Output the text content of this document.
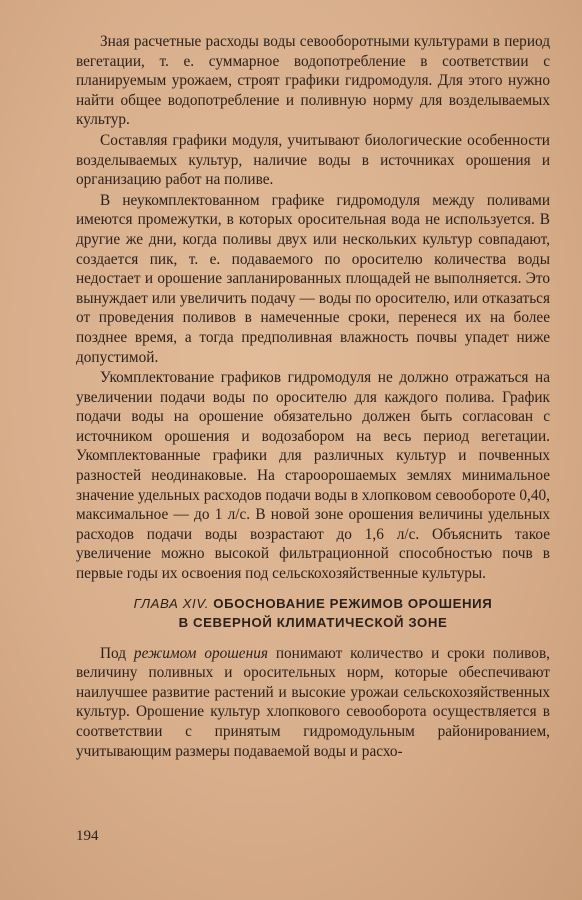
Зная расчетные расходы воды севооборотными культурами в период вегетации, т. е. суммарное водопотребление в соответствии с планируемым урожаем, строят графики гидромодуля. Для этого нужно найти общее водопотребление и поливную норму для возделываемых культур.

Составляя графики модуля, учитывают биологические особенности возделываемых культур, наличие воды в источниках орошения и организацию работ на поливе.

В неукомплектованном графике гидромодуля между поливами имеются промежутки, в которых оросительная вода не используется. В другие же дни, когда поливы двух или нескольких культур совпадают, создается пик, т. е. подаваемого по оросителю количества воды недостает и орошение запланированных площадей не выполняется. Это вынуждает или увеличить подачу — воды по оросителю, или отказаться от проведения поливов в намеченные сроки, перенеся их на более позднее время, а тогда предполивная влажность почвы упадет ниже допустимой.

Укомплектование графиков гидромодуля не должно отражаться на увеличении подачи воды по оросителю для каждого полива. График подачи воды на орошение обязательно должен быть согласован с источником орошения и водозабором на весь период вегетации. Укомплектованные графики для различных культур и почвенных разностей неодинаковые. На староорошаемых землях минимальное значение удельных расходов подачи воды в хлопковом севообороте 0,40, максимальное — до 1 л/с. В новой зоне орошения величины удельных расходов подачи воды возрастают до 1,6 л/с. Объяснить такое увеличение можно высокой фильтрационной способностью почв в первые годы их освоения под сельскохозяйственные культуры.

ГЛАВА XIV. ОБОСНОВАНИЕ РЕЖИМОВ ОРОШЕНИЯ
В СЕВЕРНОЙ КЛИМАТИЧЕСКОЙ ЗОНЕ

Под режимом орошения понимают количество и сроки поливов, величину поливных и оросительных норм, которые обеспечивают наилучшее развитие растений и высокие урожаи сельскохозяйственных культур. Орошение культур хлопкового севооборота осуществляется в соответствии с принятым гидромодульным районированием, учитывающим размеры подаваемой воды и расхо-

194
